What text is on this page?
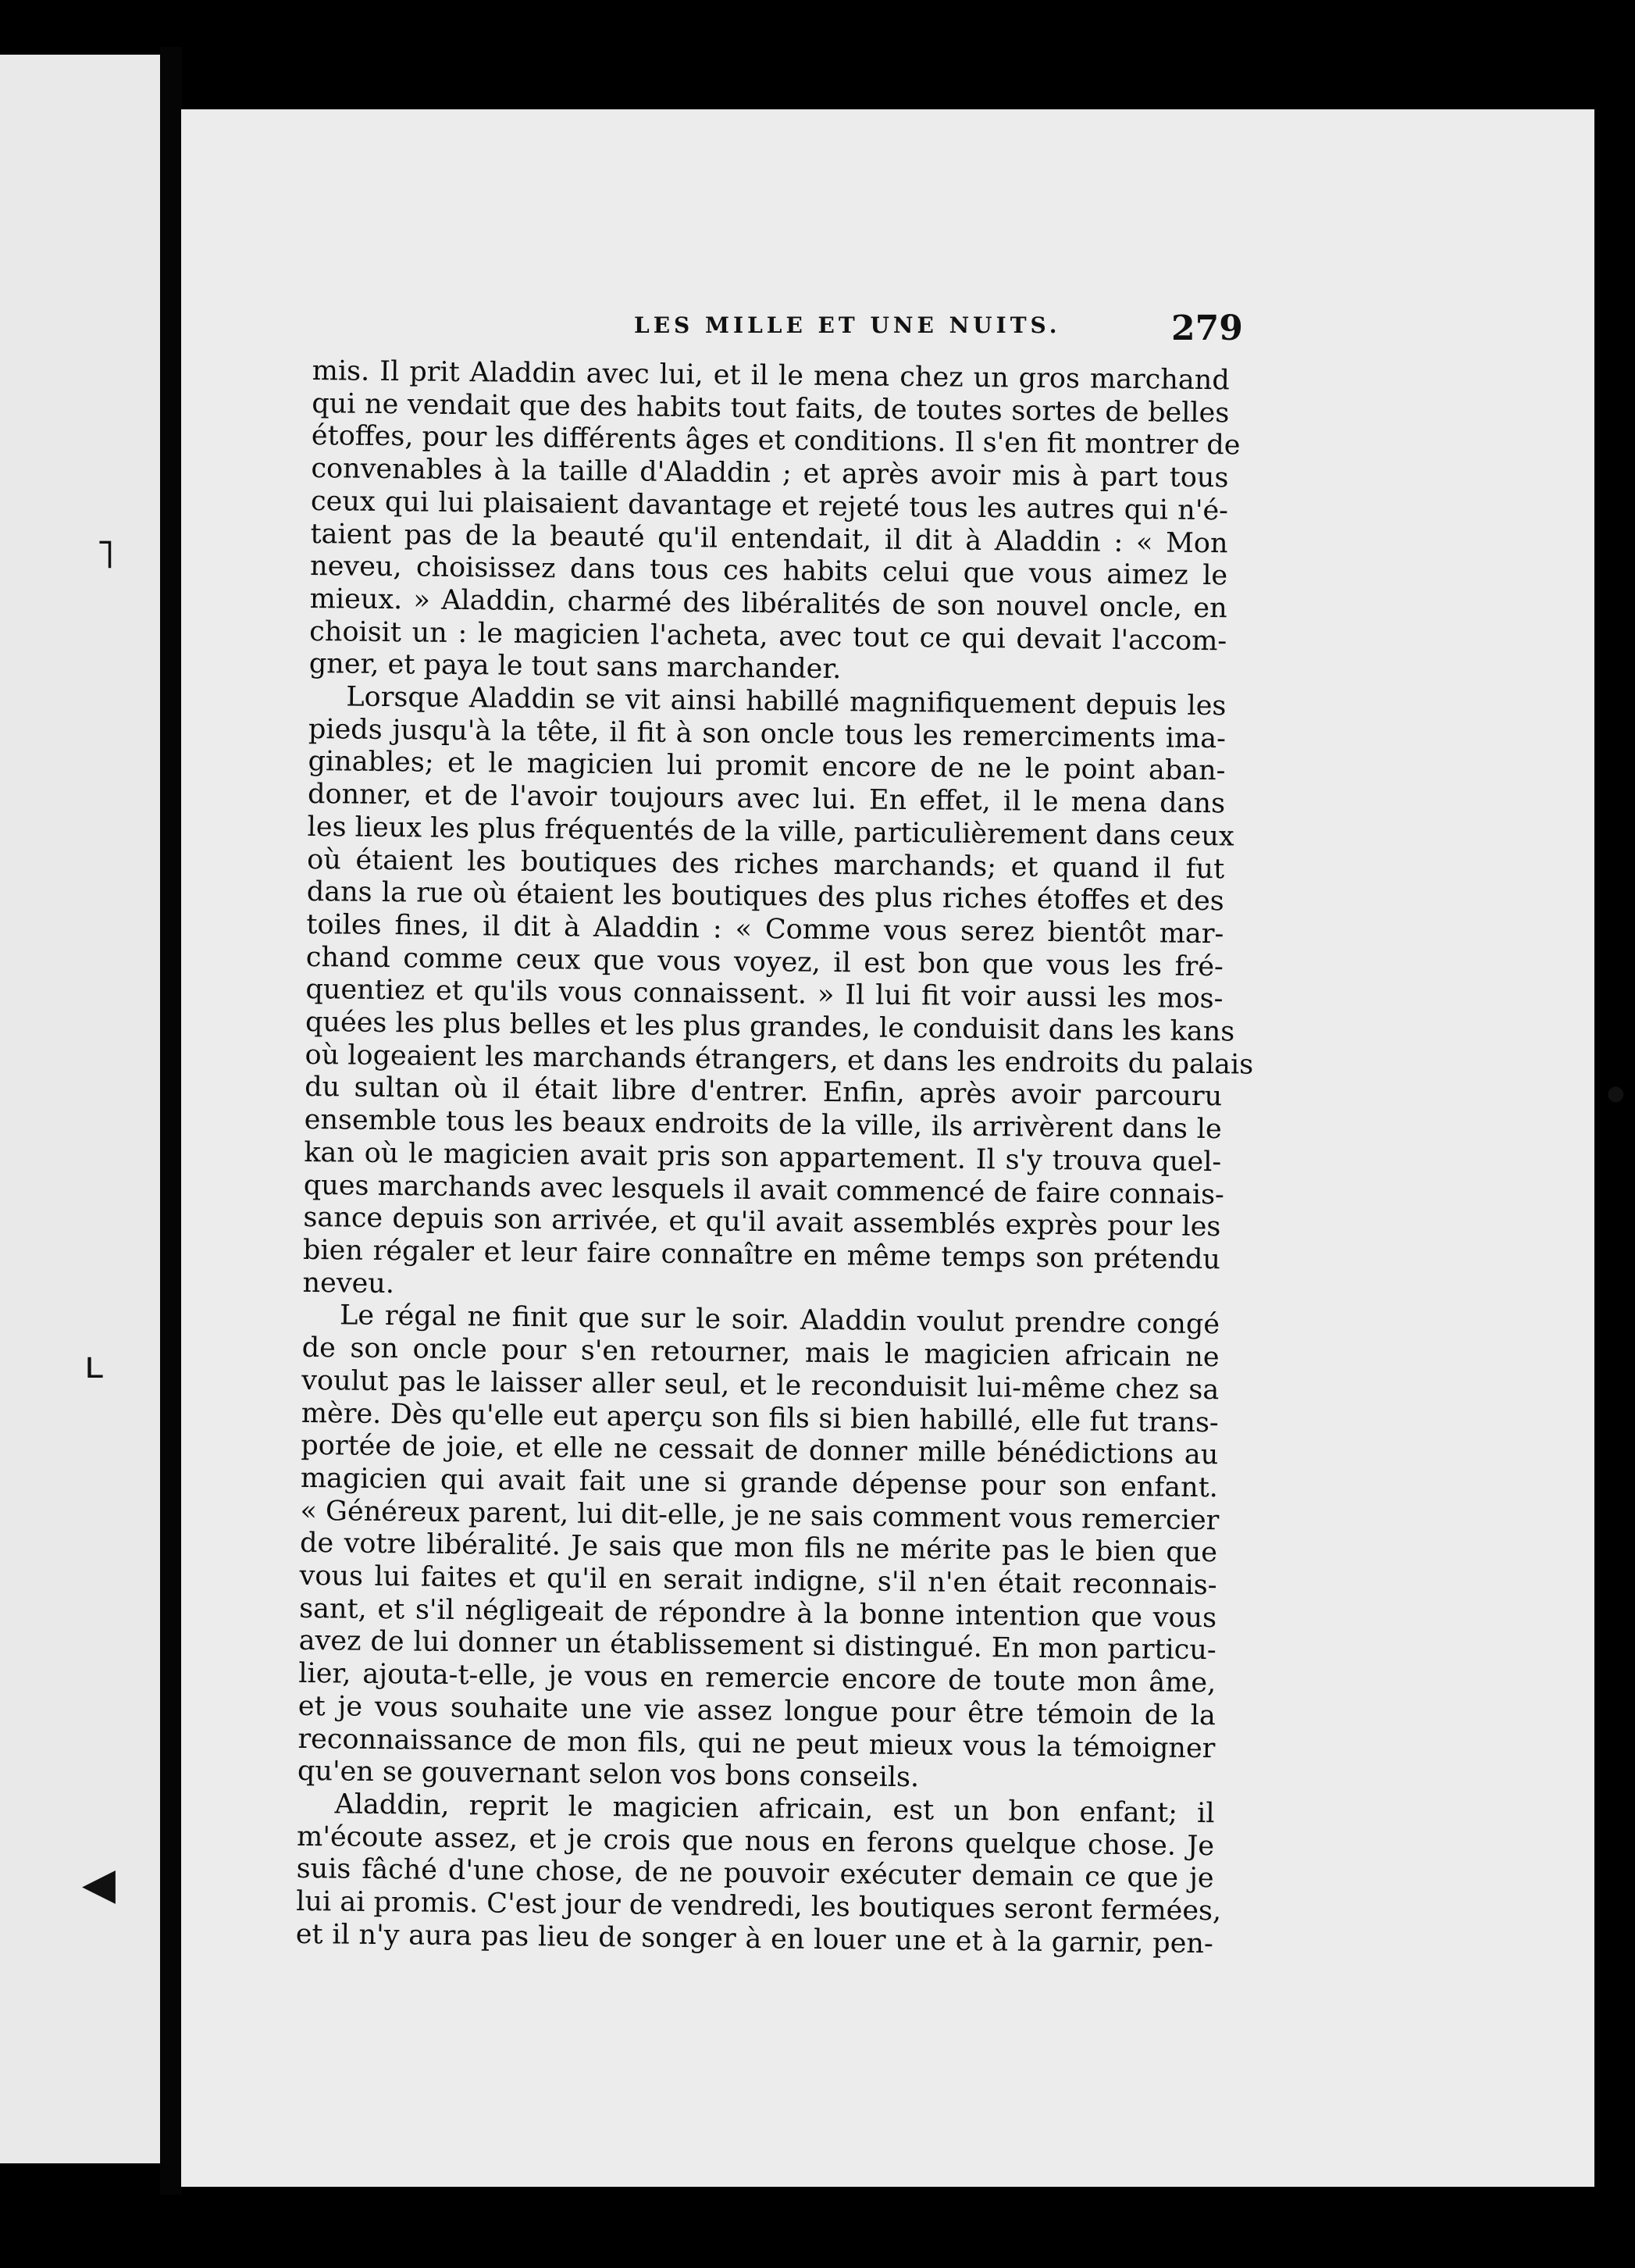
˥
ʟ
◀
●
LES MILLE ET UNE NUITS.	279
mis. Il prit Aladdin avec lui, et il le mena chez un gros marchand
qui ne vendait que des habits tout faits, de toutes sortes de belles
étoffes, pour les différents âges et conditions. Il s'en fit montrer de
convenables à la taille d'Aladdin ; et après avoir mis à part tous
ceux qui lui plaisaient davantage et rejeté tous les autres qui n'é-
taient pas de la beauté qu'il entendait, il dit à Aladdin : « Mon
neveu, choisissez dans tous ces habits celui que vous aimez le
mieux. » Aladdin, charmé des libéralités de son nouvel oncle, en
choisit un : le magicien l'acheta, avec tout ce qui devait l'accom-
gner, et paya le tout sans marchander.
Lorsque Aladdin se vit ainsi habillé magnifiquement depuis les
pieds jusqu'à la tête, il fit à son oncle tous les remerciments ima-
ginables; et le magicien lui promit encore de ne le point aban-
donner, et de l'avoir toujours avec lui. En effet, il le mena dans
les lieux les plus fréquentés de la ville, particulièrement dans ceux
où étaient les boutiques des riches marchands; et quand il fut
dans la rue où étaient les boutiques des plus riches étoffes et des
toiles fines, il dit à Aladdin : « Comme vous serez bientôt mar-
chand comme ceux que vous voyez, il est bon que vous les fré-
quentiez et qu'ils vous connaissent. » Il lui fit voir aussi les mos-
quées les plus belles et les plus grandes, le conduisit dans les kans
où logeaient les marchands étrangers, et dans les endroits du palais
du sultan où il était libre d'entrer. Enfin, après avoir parcouru
ensemble tous les beaux endroits de la ville, ils arrivèrent dans le
kan où le magicien avait pris son appartement. Il s'y trouva quel-
ques marchands avec lesquels il avait commencé de faire connais-
sance depuis son arrivée, et qu'il avait assemblés exprès pour les
bien régaler et leur faire connaître en même temps son prétendu
neveu.
Le régal ne finit que sur le soir. Aladdin voulut prendre congé
de son oncle pour s'en retourner, mais le magicien africain ne
voulut pas le laisser aller seul, et le reconduisit lui-même chez sa
mère. Dès qu'elle eut aperçu son fils si bien habillé, elle fut trans-
portée de joie, et elle ne cessait de donner mille bénédictions au
magicien qui avait fait une si grande dépense pour son enfant.
« Généreux parent, lui dit-elle, je ne sais comment vous remercier
de votre libéralité. Je sais que mon fils ne mérite pas le bien que
vous lui faites et qu'il en serait indigne, s'il n'en était reconnais-
sant, et s'il négligeait de répondre à la bonne intention que vous
avez de lui donner un établissement si distingué. En mon particu-
lier, ajouta-t-elle, je vous en remercie encore de toute mon âme,
et je vous souhaite une vie assez longue pour être témoin de la
reconnaissance de mon fils, qui ne peut mieux vous la témoigner
qu'en se gouvernant selon vos bons conseils.
Aladdin, reprit le magicien africain, est un bon enfant; il
m'écoute assez, et je crois que nous en ferons quelque chose. Je
suis fâché d'une chose, de ne pouvoir exécuter demain ce que je
lui ai promis. C'est jour de vendredi, les boutiques seront fermées,
et il n'y aura pas lieu de songer à en louer une et à la garnir, pen-
